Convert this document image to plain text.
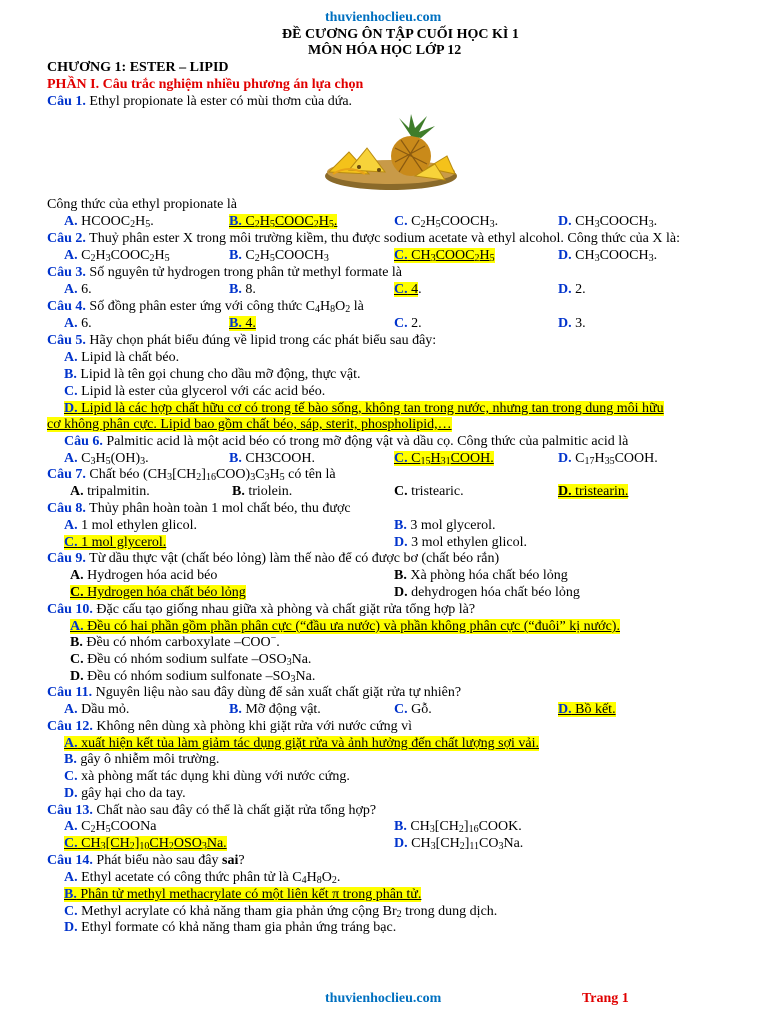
thuvienhoclieu.com
ĐỀ CƯƠNG ÔN TẬP CUỐI HỌC KÌ 1
MÔN HÓA HỌC LỚP 12
CHƯƠNG 1: ESTER – LIPID
PHẦN I. Câu trắc nghiệm nhiều phương án lựa chọn
Câu 1. Ethyl propionate là ester có mùi thơm của dứa.
Công thức của ethyl propionate là
A. $HCOOC_2H_5$.	B. $C_2H_5COOC_2H_5$.	C. $C_2H_5COOCH_3$.	D. $CH_3COOCH_3$.
Câu 2. Thuỷ phân ester X trong môi trường kiềm, thu được sodium acetate và ethyl alcohol. Công thức của X là:
A. $C_2H_3COOC_2H_5$	B. $C_2H_5COOCH_3$	C. $CH_3COOC_2H_5$	D. $CH_3COOCH_3$.
Câu 3. Số nguyên tử hydrogen trong phân tử methyl formate là
A. 6.	B. 8.	C. 4.	D. 2.
Câu 4. Số đồng phân ester ứng với công thức $C_4H_8O_2$ là
A. 6.	B. 4.	C. 2.	D. 3.
Câu 5. Hãy chọn phát biểu đúng về lipid trong các phát biểu sau đây:
A. Lipid là chất béo.
B. Lipid là tên gọi chung cho dầu mỡ động, thực vật.
C. Lipid là ester của glycerol với các acid béo.
D. Lipid là các hợp chất hữu cơ có trong tế bào sống, không tan trong nước, nhưng tan trong dung môi hữu
cơ không phân cực. Lipid bao gồm chất béo, sáp, sterit, phospholipid,…
Câu 6. Palmitic acid là một acid béo có trong mỡ động vật và dầu cọ. Công thức của palmitic acid là
A. $C_3H_5(OH)_3$.	B. CH3COOH.	C. $C_{15}H_{31}COOH$.	D. $C_{17}H_{35}COOH$.
Câu 7. Chất béo $(CH_3[CH_2]_{16}COO)_3C_3H_5$ có tên là
A. tripalmitin.	B. triolein.	C. tristearic.	D. tristearin.
Câu 8. Thủy phân hoàn toàn 1 mol chất béo, thu được
A. 1 mol ethylen glicol.	B. 3 mol glycerol.
C. 1 mol glycerol.	D. 3 mol ethylen glicol.
Câu 9. Từ dầu thực vật (chất béo lỏng) làm thế nào để có được bơ (chất béo rắn)
A. Hydrogen hóa acid béo	B. Xà phòng hóa chất béo lỏng
C. Hydrogen hóa chất béo lỏng	D. dehydrogen hóa chất béo lỏng
Câu 10. Đặc cấu tạo giống nhau giữa xà phòng và chất giặt rửa tổng hợp là?
A. Đều có hai phần gồm phần phân cực (“đầu ưa nước) và phần không phân cực (“đuôi” kị nước).
B. Đều có nhóm carboxylate –COO−.
C. Đều có nhóm sodium sulfate $-OSO_3Na$.
D. Đều có nhóm sodium sulfonate $-SO_3Na$.
Câu 11. Nguyên liệu nào sau đây dùng để sản xuất chất giặt rửa tự nhiên?
A. Dầu mỏ.	B. Mỡ động vật.	C. Gỗ.	D. Bồ kết.
Câu 12. Không nên dùng xà phòng khi giặt rửa với nước cứng vì
A. xuất hiện kết tủa làm giảm tác dụng giặt rửa và ảnh hưởng đến chất lượng sợi vải.
B. gây ô nhiễm môi trường.
C. xà phòng mất tác dụng khi dùng với nước cứng.
D. gây hại cho da tay.
Câu 13. Chất nào sau đây có thể là chất giặt rửa tổng hợp?
A. $C_2H_5COONa$	B. $CH_3[CH_2]_{16}COOK$.
C. $CH_3[CH_2]_{10}CH_2OSO_3Na$.	D. $CH_3[CH_2]_{11}CO_3Na$.
Câu 14. Phát biểu nào sau đây sai?
A. Ethyl acetate có công thức phân tử là $C_4H_8O_2$.
B. Phân tử methyl methacrylate có một liên kết π trong phân tử.
C. Methyl acrylate có khả năng tham gia phản ứng cộng $Br_2$ trong dung dịch.
D. Ethyl formate có khả năng tham gia phản ứng tráng bạc.
thuvienhoclieu.com	Trang 1
